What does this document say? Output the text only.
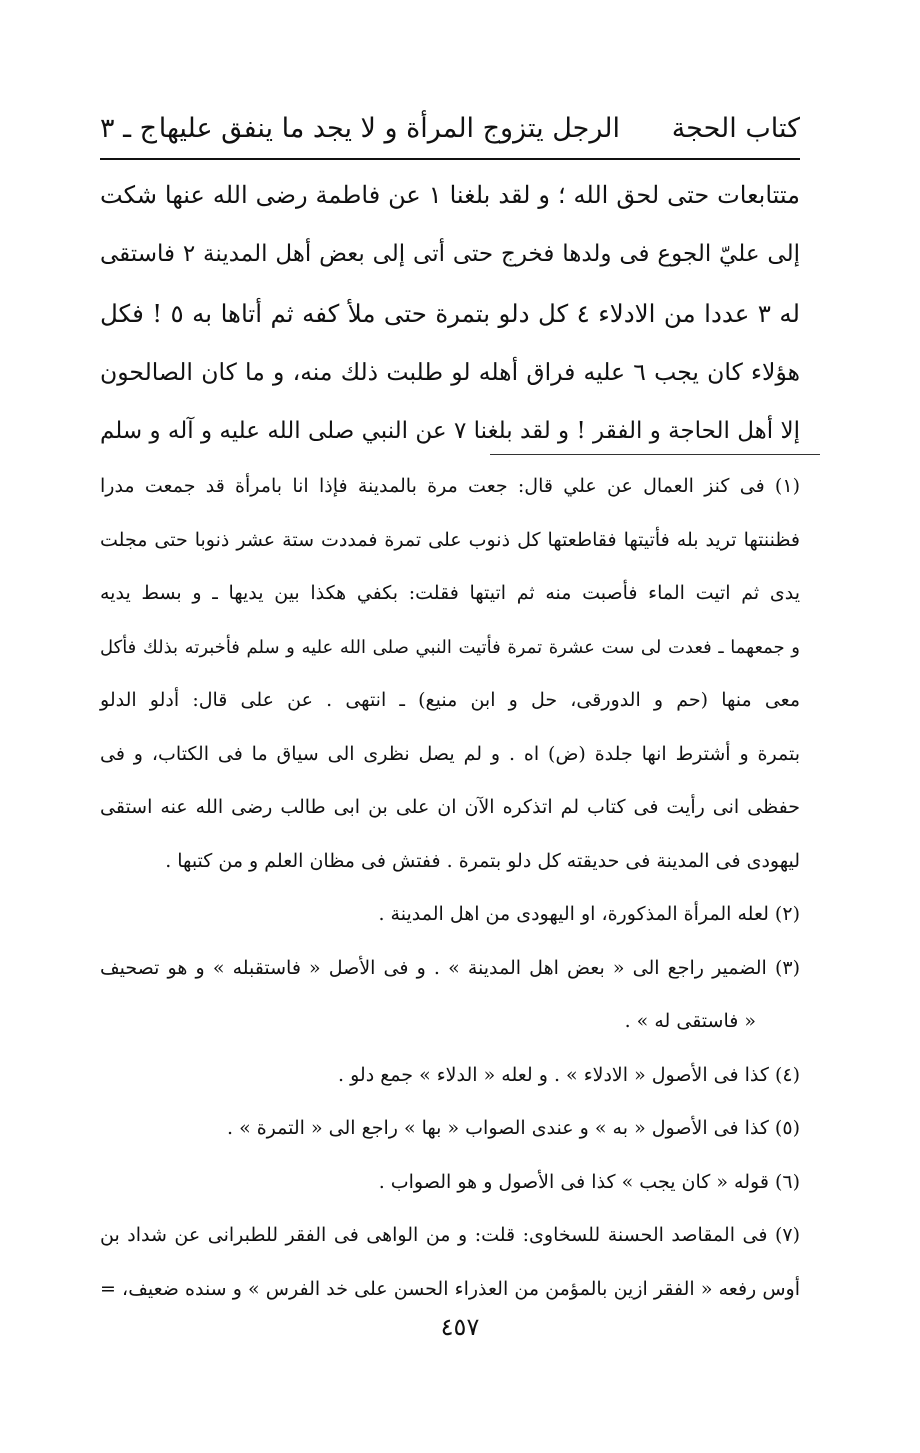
كتاب الحجة
الرجل يتزوج المرأة و لا يجد ما ينفق عليها
ج ـ ٣
متتابعات حتى لحق الله ؛ و لقد بلغنا ١ عن فاطمة رضى الله عنها شكت
إلى عليّ الجوع فى ولدها فخرج حتى أتى إلى بعض أهل المدينة ٢ فاستقى
له ٣ عددا من الادلاء ٤ كل دلو بتمرة حتى ملأ كفه ثم أتاها به ٥ ! فكل
هؤلاء كان يجب ٦ عليه فراق أهله لو طلبت ذلك منه، و ما كان الصالحون
إلا أهل الحاجة و الفقر ! و لقد بلغنا ٧ عن النبي صلى الله عليه و آله و سلم
(١) فى كنز العمال عن علي قال: جعت مرة بالمدينة فإذا انا بامرأة قد جمعت مدرا
فظننتها تريد بله فأتيتها فقاطعتها كل ذنوب على تمرة فمددت ستة عشر ذنوبا حتى مجلت
يدى ثم اتيت الماء فأصبت منه ثم اتيتها فقلت: بكفي هكذا بين يديها ـ و بسط يديه
و جمعهما ـ فعدت لى ست عشرة تمرة فأتيت النبي صلى الله عليه و سلم فأخبرته بذلك فأكل
معى منها (حم و الدورقى، حل و ابن منيع) ـ انتهى . عن على قال: أدلو الدلو
بتمرة و أشترط انها جلدة (ض) اه . و لم يصل نظرى الى سياق ما فى الكتاب، و فى
حفظى انى رأيت فى كتاب لم اتذكره الآن ان على بن ابى طالب رضى الله عنه استقى
ليهودى فى المدينة فى حديقته كل دلو بتمرة . ففتش فى مظان العلم و من كتبها .
(٢) لعله المرأة المذكورة، او اليهودى من اهل المدينة .
(٣) الضمير راجع الى « بعض اهل المدينة » . و فى الأصل « فاستقبله » و هو تصحيف
« فاستقى له » .
(٤) كذا فى الأصول « الادلاء » . و لعله « الدلاء » جمع دلو .
(٥) كذا فى الأصول « به » و عندى الصواب « بها » راجع الى « التمرة » .
(٦) قوله « كان يجب » كذا فى الأصول و هو الصواب .
(٧) فى المقاصد الحسنة للسخاوى: قلت: و من الواهى فى الفقر للطبرانى عن شداد بن
أوس رفعه « الفقر ازين بالمؤمن من العذراء الحسن على خد الفرس » و سنده ضعيف، =
٤٥٧
